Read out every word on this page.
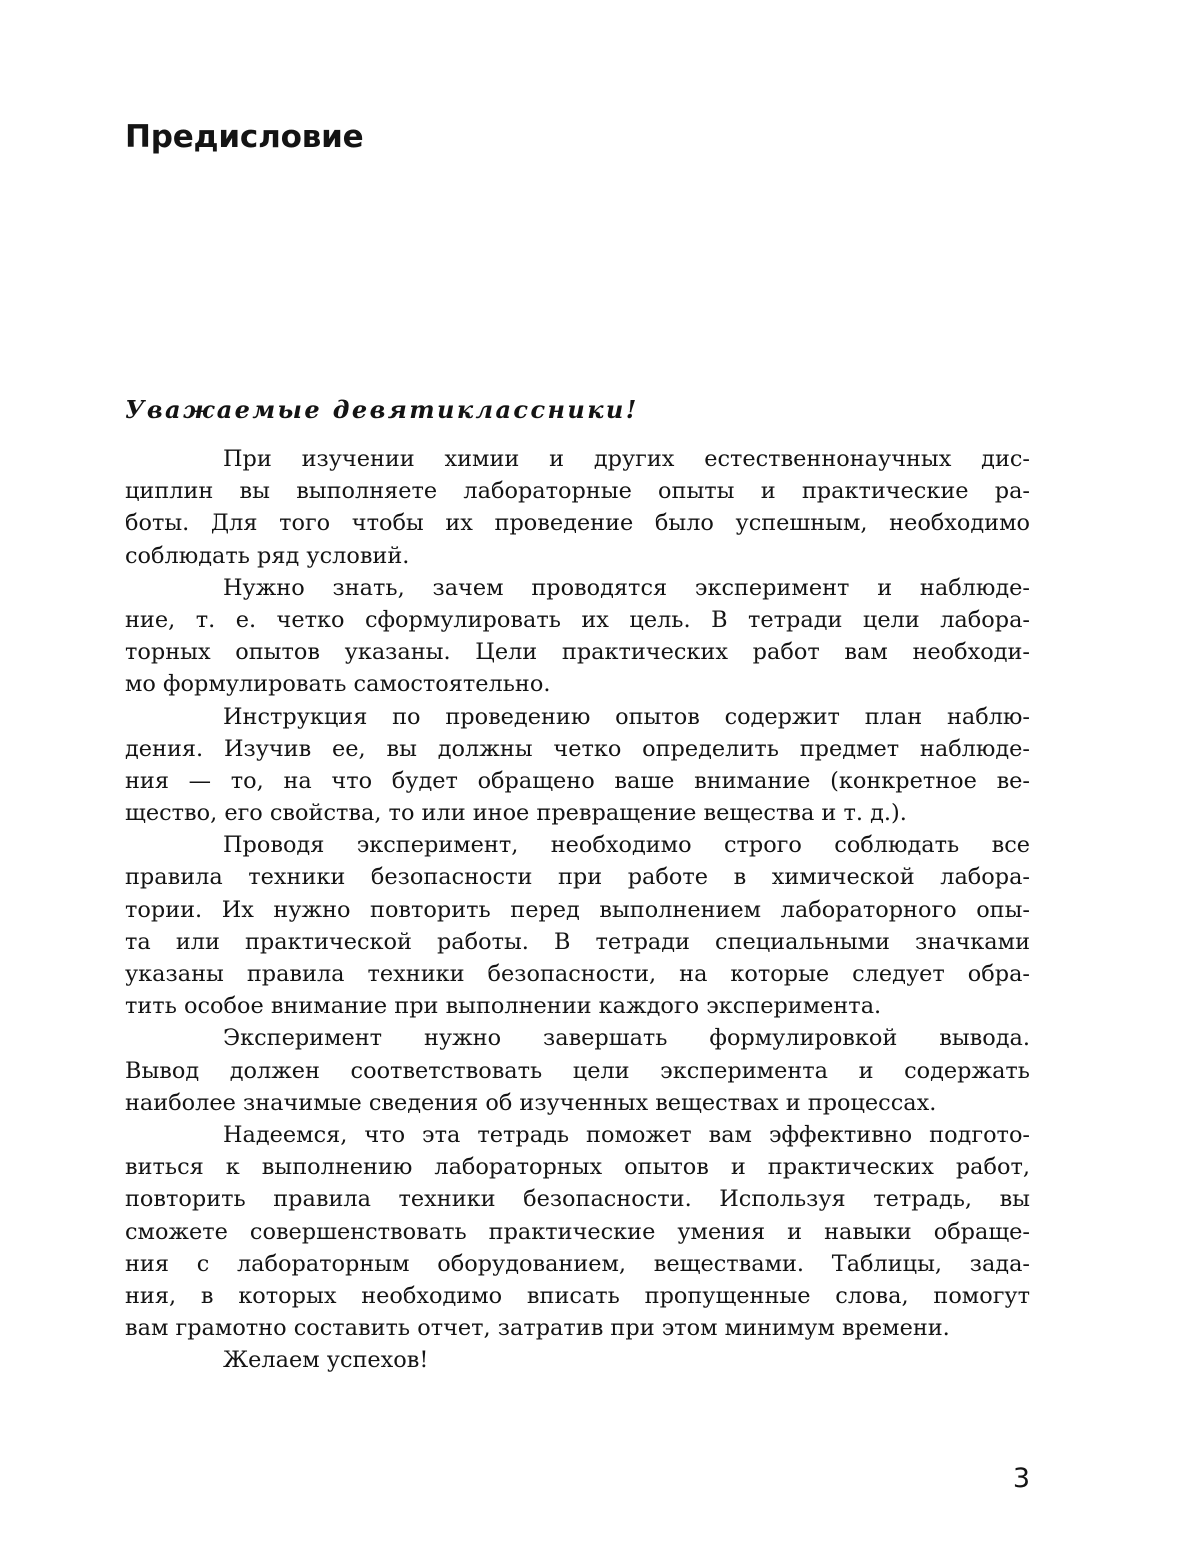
Предисловие

Уважаемые девятиклассники!

При изучении химии и других естественнонаучных дис-
циплин вы выполняете лабораторные опыты и практические ра-
боты. Для того чтобы их проведение было успешным, необходимо
соблюдать ряд условий.
Нужно знать, зачем проводятся эксперимент и наблюде-
ние, т. е. четко сформулировать их цель. В тетради цели лабора-
торных опытов указаны. Цели практических работ вам необходи-
мо формулировать самостоятельно.
Инструкция по проведению опытов содержит план наблю-
дения. Изучив ее, вы должны четко определить предмет наблюде-
ния — то, на что будет обращено ваше внимание (конкретное ве-
щество, его свойства, то или иное превращение вещества и т. д.).
Проводя эксперимент, необходимо строго соблюдать все
правила техники безопасности при работе в химической лабора-
тории. Их нужно повторить перед выполнением лабораторного опы-
та или практической работы. В тетради специальными значками
указаны правила техники безопасности, на которые следует обра-
тить особое внимание при выполнении каждого эксперимента.
Эксперимент нужно завершать формулировкой вывода.
Вывод должен соответствовать цели эксперимента и содержать
наиболее значимые сведения об изученных веществах и процессах.
Надеемся, что эта тетрадь поможет вам эффективно подгото-
виться к выполнению лабораторных опытов и практических работ,
повторить правила техники безопасности. Используя тетрадь, вы
сможете совершенствовать практические умения и навыки обраще-
ния с лабораторным оборудованием, веществами. Таблицы, зада-
ния, в которых необходимо вписать пропущенные слова, помогут
вам грамотно составить отчет, затратив при этом минимум времени.
Желаем успехов!
3
